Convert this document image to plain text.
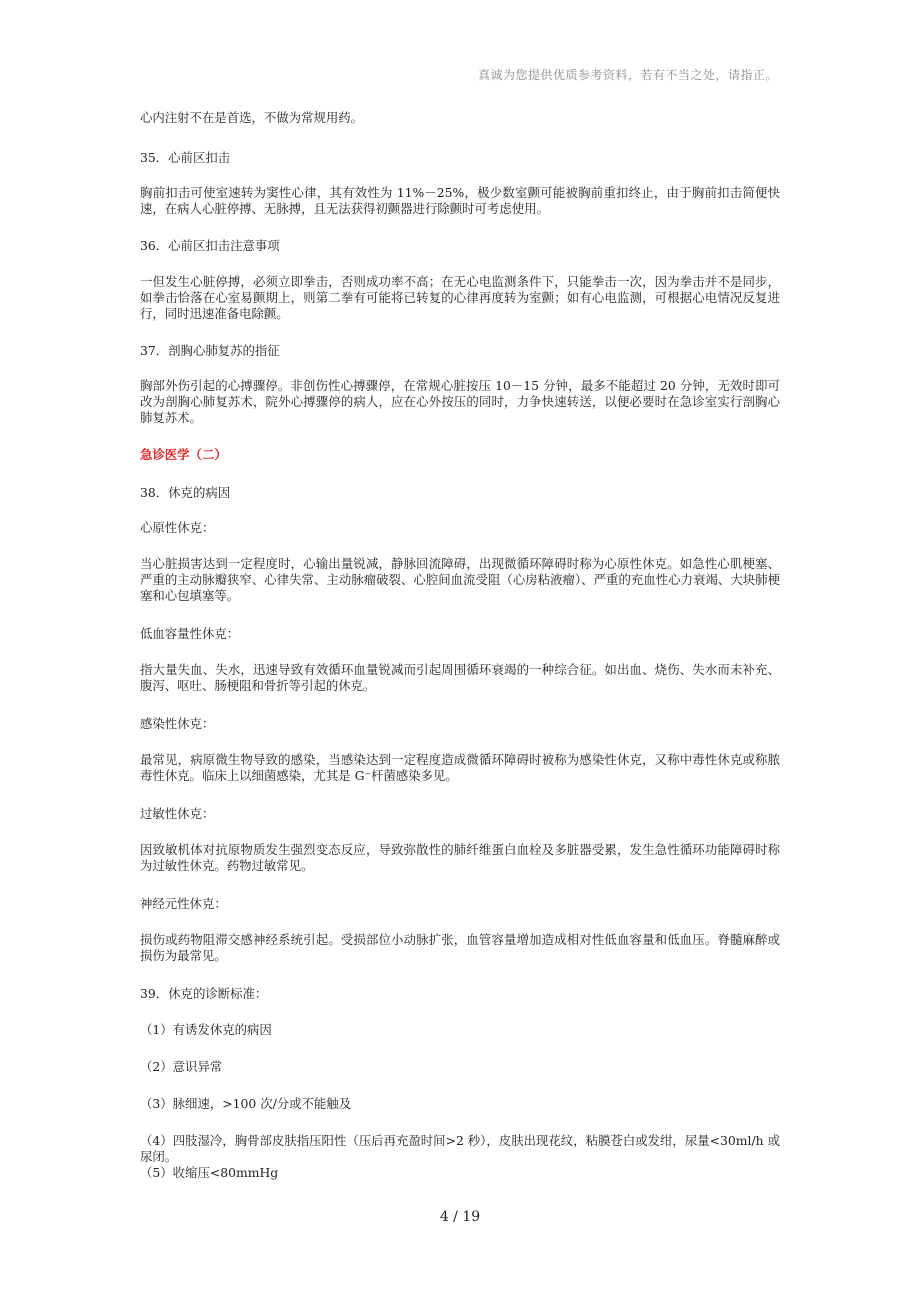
真诚为您提供优质参考资料，若有不当之处，请指正。

心内注射不在是首选，不做为常规用药。

35．心前区扣击

胸前扣击可使室速转为窦性心律，其有效性为 11%－25%，极少数室颤可能被胸前重扣终止，由于胸前扣击简便快速，在病人心脏停搏、无脉搏，且无法获得初颤器进行除颤时可考虑使用。

36．心前区扣击注意事项

一但发生心脏停搏，必须立即拳击，否则成功率不高；在无心电监测条件下，只能拳击一次，因为拳击并不是同步，如拳击恰落在心室易颤期上，则第二拳有可能将已转复的心律再度转为室颤；如有心电监测，可根据心电情况反复进行，同时迅速准备电除颤。

37．剖胸心肺复苏的指征

胸部外伤引起的心搏骤停。非创伤性心搏骤停，在常规心脏按压 10－15 分钟，最多不能超过 20 分钟，无效时即可改为剖胸心肺复苏术，院外心搏骤停的病人，应在心外按压的同时，力争快速转送，以便必要时在急诊室实行剖胸心肺复苏术。

急诊医学（二）

38．休克的病因

心原性休克：

当心脏损害达到一定程度时，心输出量锐减，静脉回流障碍，出现微循环障碍时称为心原性休克。如急性心肌梗塞、严重的主动脉瓣狭窄、心律失常、主动脉瘤破裂、心腔间血流受阻（心房粘液瘤）、严重的充血性心力衰竭、大块肺梗塞和心包填塞等。

低血容量性休克：

指大量失血、失水，迅速导致有效循环血量锐减而引起周围循环衰竭的一种综合征。如出血、烧伤、失水而未补充、腹泻、呕吐、肠梗阻和骨折等引起的休克。

感染性休克：

最常见，病原微生物导致的感染，当感染达到一定程度造成微循环障碍时被称为感染性休克，又称中毒性休克或称脓毒性休克。临床上以细菌感染，尤其是 G⁻杆菌感染多见。

过敏性休克：

因致敏机体对抗原物质发生强烈变态反应，导致弥散性的肺纤维蛋白血栓及多脏器受累，发生急性循环功能障碍时称为过敏性休克。药物过敏常见。

神经元性休克：

损伤或药物阻滞交感神经系统引起。受损部位小动脉扩张，血管容量增加造成相对性低血容量和低血压。脊髓麻醉或损伤为最常见。

39．休克的诊断标准：

（1）有诱发休克的病因

（2）意识异常

（3）脉细速，>100 次/分或不能触及

（4）四肢湿冷，胸骨部皮肤指压阳性（压后再充盈时间>2 秒），皮肤出现花纹，粘膜苍白或发绀，尿量<30ml/h 或尿闭。

（5）收缩压<80mmHg

4 / 19
